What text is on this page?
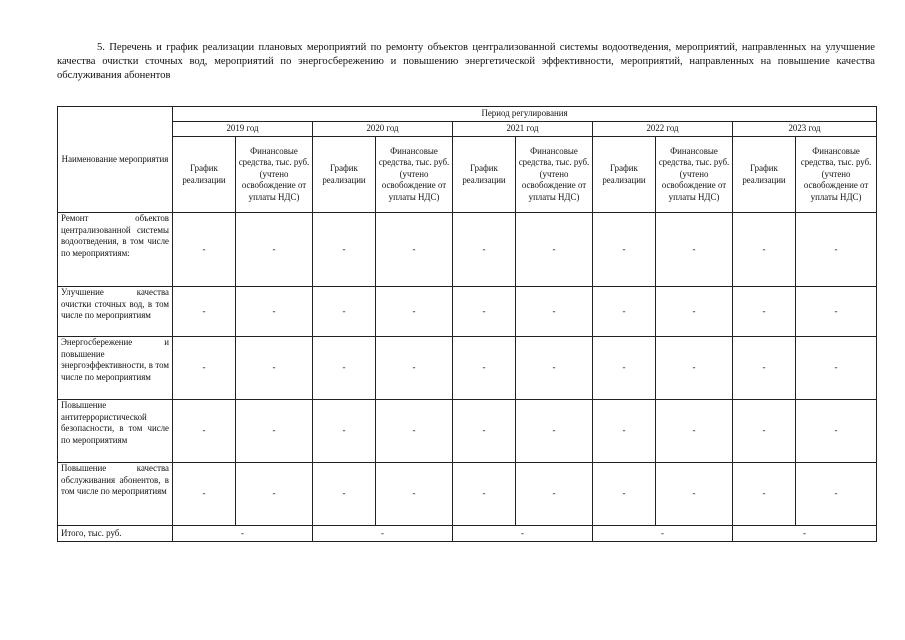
5. Перечень и график реализации плановых мероприятий по ремонту объектов централизованной системы водоотведения, мероприятий, направленных на улучшение качества очистки сточных вод, мероприятий по энергосбережению и повышению энергетической эффективности, мероприятий, направленных на повышение качества обслуживания абонентов
Наименование мероприятия	Период регулирования									
	2019 год		2020 год		2021 год		2022 год		2023 год	
	График реализации	Финансовые средства, тыс. руб. (учтено освобождение от уплаты НДС)	График реализации	Финансовые средства, тыс. руб. (учтено освобождение от уплаты НДС)	График реализации	Финансовые средства, тыс. руб. (учтено освобождение от уплаты НДС)	График реализации	Финансовые средства, тыс. руб. (учтено освобождение от уплаты НДС)	График реализации	Финансовые средства, тыс. руб. (учтено освобождение от уплаты НДС)
Ремонт объектов централизованной системы водоотведения, в том числе по мероприятиям:	-	-	-	-	-	-	-	-	-	-
Улучшение качества очистки сточных вод, в том числе по мероприятиям	-	-	-	-	-	-	-	-	-	-
Энергосбережение и повышение энергоэффективности, в том числе по мероприятиям	-	-	-	-	-	-	-	-	-	-
Повышение антитеррористической безопасности, в том числе по мероприятиям	-	-	-	-	-	-	-	-	-	-
Повышение качества обслуживания абонентов, в том числе по мероприятиям	-	-	-	-	-	-	-	-	-	-
Итого, тыс. руб.	-		-		-		-		-	
